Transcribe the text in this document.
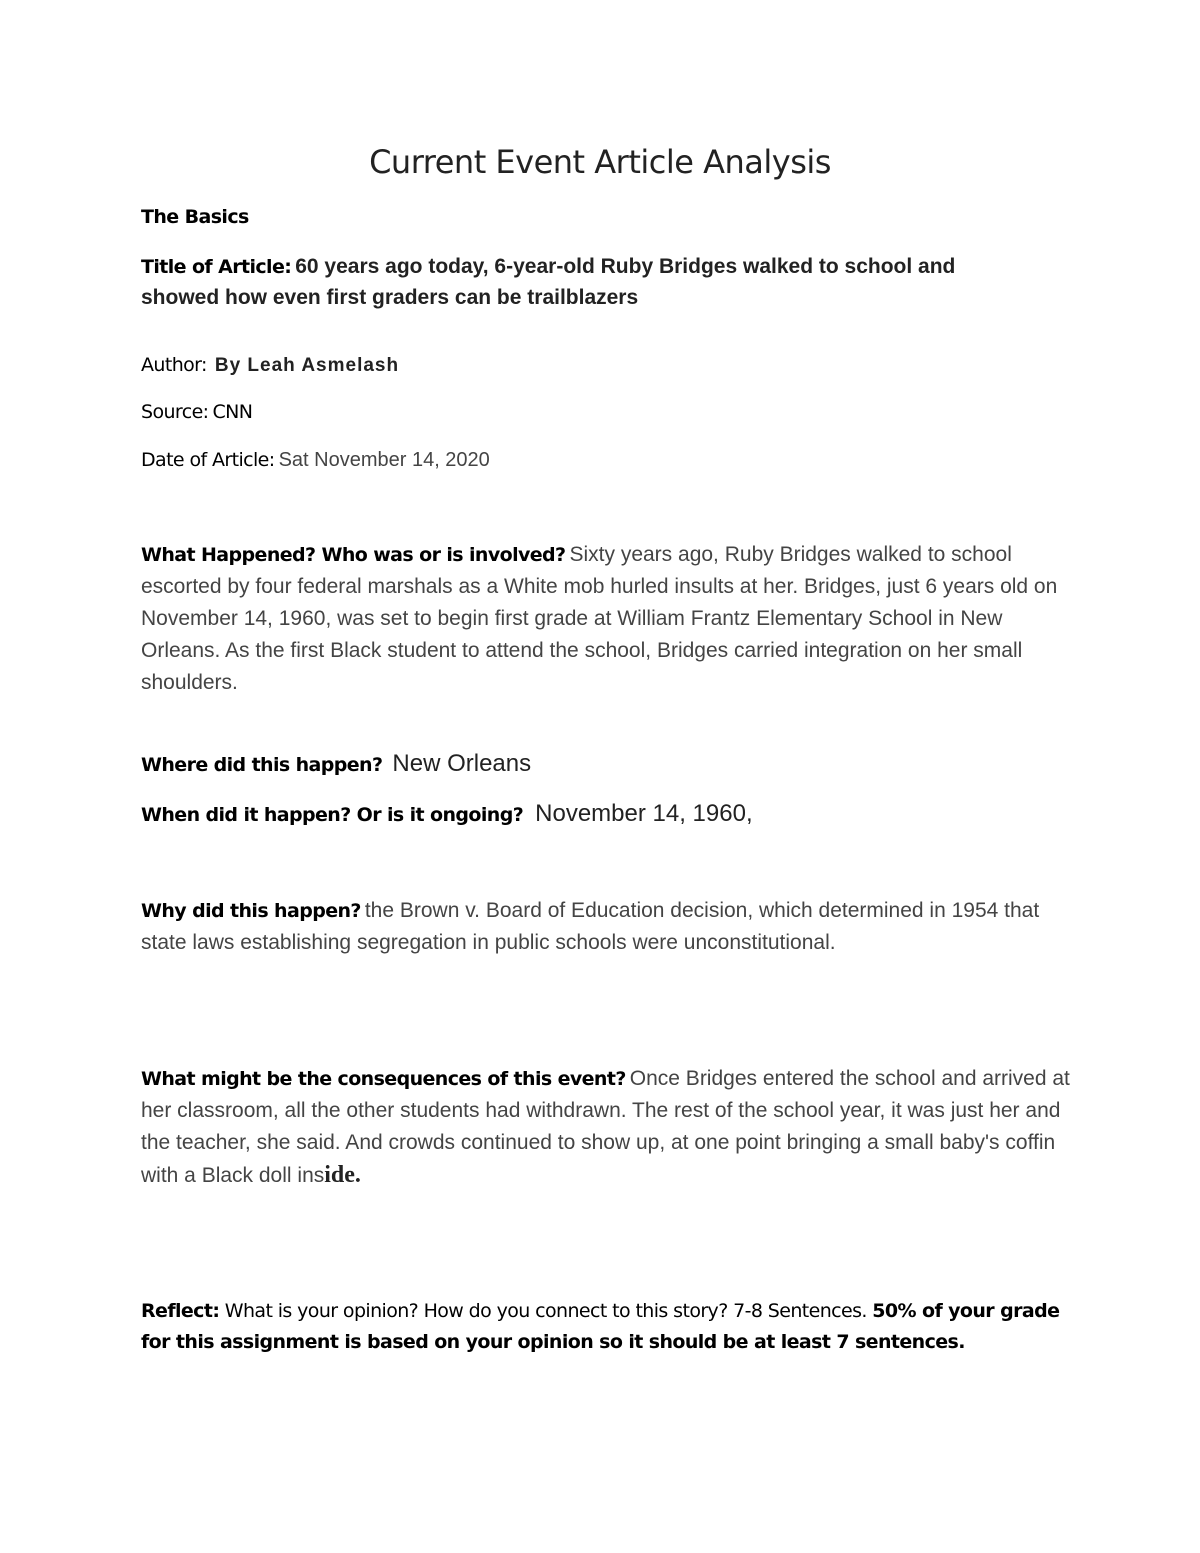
Current Event Article Analysis
The Basics
Title of Article: 60 years ago today, 6-year-old Ruby Bridges walked to school and
showed how even first graders can be trailblazers
Author: By Leah Asmelash
Source: CNN
Date of Article: Sat November 14, 2020
What Happened? Who was or is involved? Sixty years ago, Ruby Bridges walked to school escorted by four federal marshals as a White mob hurled insults at her. Bridges, just 6 years old on November 14, 1960, was set to begin first grade at William Frantz Elementary School in New Orleans. As the first Black student to attend the school, Bridges carried integration on her small shoulders.
Where did this happen? New Orleans
When did it happen? Or is it ongoing? November 14, 1960,
Why did this happen? the Brown v. Board of Education decision, which determined in 1954 that state laws establishing segregation in public schools were unconstitutional.
What might be the consequences of this event? Once Bridges entered the school and arrived at her classroom, all the other students had withdrawn. The rest of the school year, it was just her and the teacher, she said. And crowds continued to show up, at one point bringing a small baby's coffin with a Black doll inside.
Reflect: What is your opinion? How do you connect to this story? 7-8 Sentences. 50% of your grade for this assignment is based on your opinion so it should be at least 7 sentences.
